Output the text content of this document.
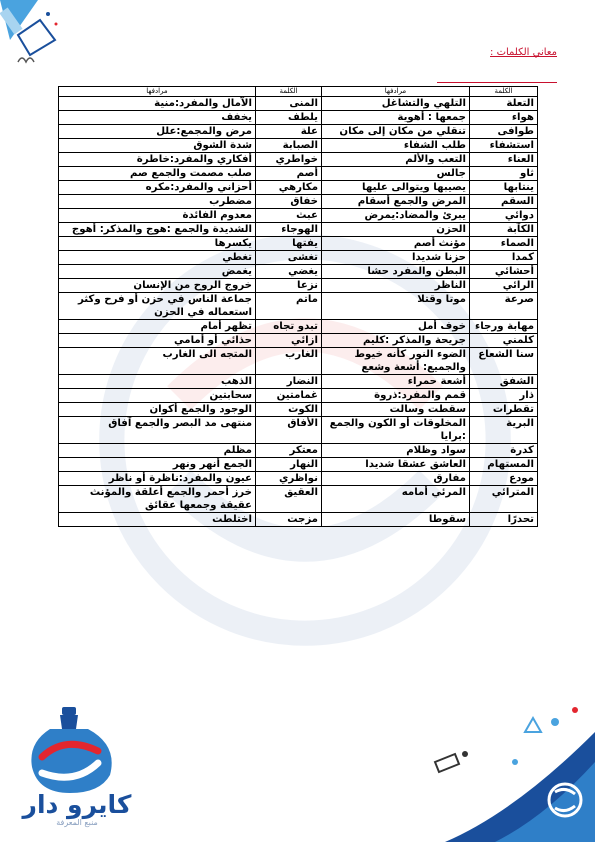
معاني الكلمات :
الكلمة	مرادفها	الكلمة	مرادفها
التعلة	التلهي والتشاغل	المنى	الآمال والمفرد:منية
هواء	جمعها : أهوية	يلطف	يخفف
طوافى	تنقلي من مكان إلى مكان	علة	مرض والمجمع:علل
استشفاء	طلب الشفاء	الصبابة	شدة الشوق
العناء	التعب والألم	خواطري	أفكاري والمفرد:خاطرة
ثاو	جالس	أصم	صلب مصمت والجمع صم
ينتابها	يصيبها ويتوالى عليها	مكارهي	أحزاني والمفرد:مكره
السقم	المرض والجمع أسقام	خفاق	مضطرب
دوائي	يبرئ والمضاد:يمرض	عبث	معدوم الفائدة
الكآبة	الحزن	الهوجاء	الشديدة والجمع :هوج والمذكر: أهوج
الصماء	مؤنث أصم	يفتها	يكسرها
كمدا	حزنا شديدا	تغشى	تغطي
أحشائي	البطن والمفرد حشا	يغضي	يغمض
الرائي	الناظر	نزعا	خروج الروح من الإنسان
صرعة	موتا وقتلا	ماتم	جماعة الناس في حزن أو فرح وكثر استعماله في الحزن
مهابة ورجاء	خوف أمل	تبدو تجاه	تظهر أمام
كلمني	جريحة والمذكر :كليم	ازائي	حذائي أو أمامي
سنا الشعاع	الضوء النور كأنه خيوط والجميع: أشعة وشعع	الغارب	المتجه الى الغارب
الشفق	أشعة حمراء	النضار	الذهب
ذار	قمم والمفرد:ذروة	غمامتين	سحابتين
تقطرات	سقطت وسالت	الكوت	الوجود والجمع أكوان
البرية	المخلوقات أو الكون والجمع :برايا	الأفاق	منتهى مد البصر والجمع آفاق
كدرة	سواد وظلام	معتكر	مظلم
المستهام	العاشق عشقا شديدا	النهار	الجمع أنهر ونهر
مودع	مفارق	نواظري	عيون والمفرد:ناظرة أو ناظر
المترائي	المرئي أمامه	العقيق	خرز أحمر والجمع أعلقة والمؤنث عقيقة وجمعها عقائق
تحدرًا	سقوطا	مزجت	اختلطت
كايرو دار
منبع المعرفة
